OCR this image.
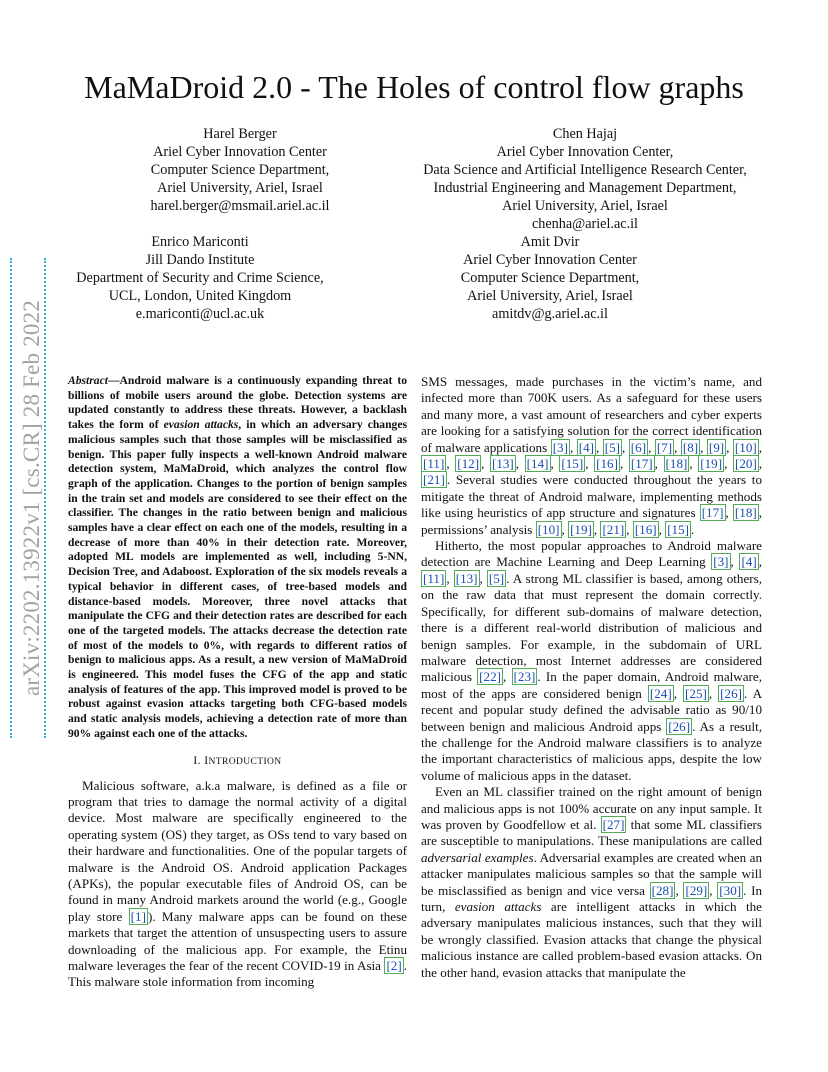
arXiv:2202.13922v1 [cs.CR] 28 Feb 2022
MaMaDroid 2.0 - The Holes of control flow graphs
Harel Berger
Ariel Cyber Innovation Center
Computer Science Department,
Ariel University, Ariel, Israel
harel.berger@msmail.ariel.ac.il
Chen Hajaj
Ariel Cyber Innovation Center,
Data Science and Artificial Intelligence Research Center,
Industrial Engineering and Management Department,
Ariel University, Ariel, Israel
chenha@ariel.ac.il
Enrico Mariconti
Jill Dando Institute
Department of Security and Crime Science,
UCL, London, United Kingdom
e.mariconti@ucl.ac.uk
Amit Dvir
Ariel Cyber Innovation Center
Computer Science Department,
Ariel University, Ariel, Israel
amitdv@g.ariel.ac.il
Abstract—Android malware is a continuously expanding threat to billions of mobile users around the globe. Detection systems are updated constantly to address these threats. However, a backlash takes the form of evasion attacks, in which an adversary changes malicious samples such that those samples will be misclassified as benign. This paper fully inspects a well-known Android malware detection system, MaMaDroid, which analyzes the control flow graph of the application. Changes to the portion of benign samples in the train set and models are considered to see their effect on the classifier. The changes in the ratio between benign and malicious samples have a clear effect on each one of the models, resulting in a decrease of more than 40% in their detection rate. Moreover, adopted ML models are implemented as well, including 5-NN, Decision Tree, and Adaboost. Exploration of the six models reveals a typical behavior in different cases, of tree-based models and distance-based models. Moreover, three novel attacks that manipulate the CFG and their detection rates are described for each one of the targeted models. The attacks decrease the detection rate of most of the models to 0%, with regards to different ratios of benign to malicious apps. As a result, a new version of MaMaDroid is engineered. This model fuses the CFG of the app and static analysis of features of the app. This improved model is proved to be robust against evasion attacks targeting both CFG-based models and static analysis models, achieving a detection rate of more than 90% against each one of the attacks.
I. INTRODUCTION

Malicious software, a.k.a malware, is defined as a file or program that tries to damage the normal activity of a digital device. Most malware are specifically engineered to the operating system (OS) they target, as OSs tend to vary based on their hardware and functionalities. One of the popular targets of malware is the Android OS. Android application Packages (APKs), the popular executable files of Android OS, can be found in many Android markets around the world (e.g., Google play store [1] ). Many malware apps can be found on these markets that target the attention of unsuspecting users to assure downloading of the malicious app. For example, the Etinu malware leverages the fear of the recent COVID-19 in Asia [2] . This malware stole information from incoming

SMS messages, made purchases in the victim’s name, and infected more than 700K users. As a safeguard for these users and many more, a vast amount of researchers and cyber experts are looking for a satisfying solution for the correct identification of malware applications [3] , [4] , [5] , [6] , [7] , [8] , [9] , [10] , [11] , [12] , [13] , [14] , [15] , [16] , [17] , [18] , [19] , [20] , [21] . Several studies were conducted throughout the years to mitigate the threat of Android malware, implementing methods like using heuristics of app structure and signatures [17] , [18] , permissions’ analysis [10] , [19] , [21] , [16] , [15] .

Hitherto, the most popular approaches to Android malware detection are Machine Learning and Deep Learning [3] , [4] , [11] , [13] , [5] . A strong ML classifier is based, among others, on the raw data that must represent the domain correctly. Specifically, for different sub-domains of malware detection, there is a different real-world distribution of malicious and benign samples. For example, in the subdomain of URL malware detection, most Internet addresses are considered malicious [22] , [23] . In the paper domain, Android malware, most of the apps are considered benign [24] , [25] , [26] . A recent and popular study defined the advisable ratio as 90/10 between benign and malicious Android apps [26] . As a result, the challenge for the Android malware classifiers is to analyze the important characteristics of malicious apps, despite the low volume of malicious apps in the dataset.

Even an ML classifier trained on the right amount of benign and malicious apps is not 100% accurate on any input sample. It was proven by Goodfellow et al. [27] that some ML classifiers are susceptible to manipulations. These manipulations are called adversarial examples. Adversarial examples are created when an attacker manipulates malicious samples so that the sample will be misclassified as benign and vice versa [28] , [29] , [30] . In turn, evasion attacks are intelligent attacks in which the adversary manipulates malicious instances, such that they will be wrongly classified. Evasion attacks that change the physical malicious instance are called problem-based evasion attacks. On the other hand, evasion attacks that manipulate the
